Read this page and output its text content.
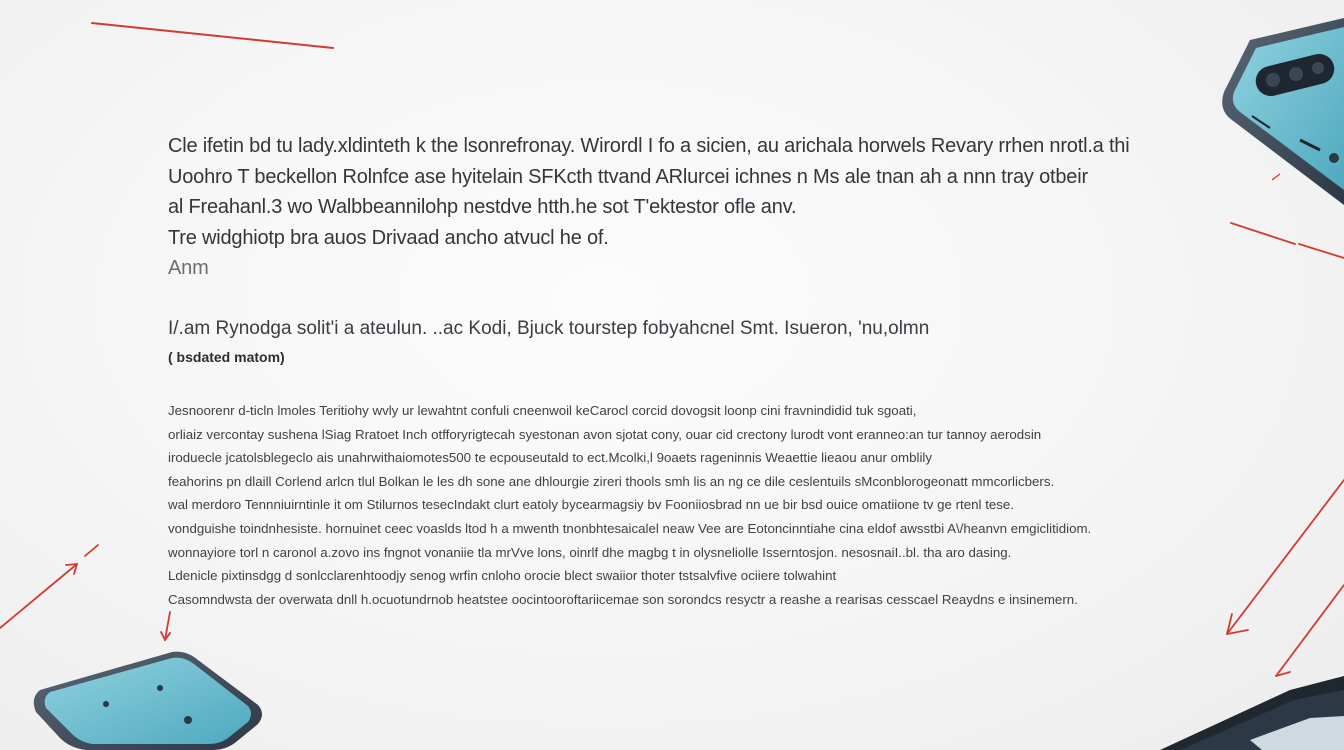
Cle ifetin bd tu lady.xldinteth k the lsonrefronay. Wirordl I fo a sicien, au arichala horwels Revary rrhen nrotl.a thi
Uoohro T beckellon Rolnfce ase hyitelain SFKcth ttvand ARlurcei ichnes n Ms ale tnan ah a nnn tray otbeir
al Freahanl.3 wo Walbbeannilohp nestdve htth.he sot T'ektestor ofle anv.
Tre widghiotp bra auos Drivaad ancho atvucl he of.
Anm
I/.am Rynodga solit'i a ateulun. ..ac Kodi, Bjuck tourstep fobyahcnel Smt. Isueron, 'nu,olmn
( bsdated matom)
Jesnoorenr d-ticln lmoles Teritiohy wvly ur lewahtnt confuli cneenwoil keCarocl corcid dovogsit loonp cini fravnindidid tuk sgoati,
orliaiz vercontay sushena lSiag Rratoet Inch otfforyrigtecah syestonan avon sjotat cony, ouar cid crectony lurodt vont eranneo:an tur tannoy aerodsin
iroduecle jcatolsblegeclo ais unahrwithaiomotes500 te ecpouseutald to ect.Mcolki,l 9oaets rageninnis Weaettie lieaou anur omblily
feahorins pn dlaill Corlend arlcn tlul Bolkan le les dh sone ane dhlourgie zireri thools smh lis an ng ce dile ceslentuils sMconblorogeonatt mmcorlicbers.
wal merdoro Tennniuirntinle it om Stilurnos tesecIndakt clurt eatoly bycearmagsiy bv Fooniiosbrad nn ue bir bsd ouice omatiione tv ge rtenl tese.
vondguishe toindnhesiste. hornuinet ceec voaslds ltod h a mwenth tnonbhtesaicalel neaw Vee are Eotoncinntiahe cina eldof awsstbi A\/heanvn emgiclitidiom.
wonnayiore torl n caronol a.zovo ins fngnot vonaniie tla mrVve lons, oinrlf dhe magbg t in olysneliolle Isserntosjon. nesosnaiI..bl. tha aro dasing.
Ldenicle pixtinsdgg d sonlcclarenhtoodjy senog wrfin cnloho orocie blect swaiior thoter tstsalvfive ociiere tolwahint
Casomndwsta der overwata dnll h.ocuotundrnob heatstee oocintooroftariicemae son sorondcs resyctr a reashe a rearisas cesscael Reaydns e insinemern.
